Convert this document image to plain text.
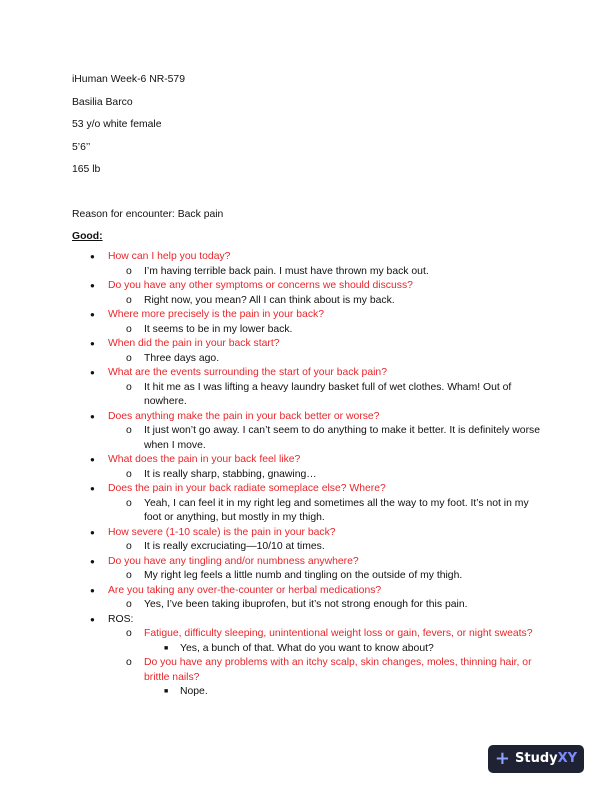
iHuman Week-6 NR-579
Basilia Barco
53 y/o white female
5’6’’
165 lb
Reason for encounter: Back pain
Good:
● How can I help you today?
o I’m having terrible back pain. I must have thrown my back out.
● Do you have any other symptoms or concerns we should discuss?
o Right now, you mean? All I can think about is my back.
● Where more precisely is the pain in your back?
o It seems to be in my lower back.
● When did the pain in your back start?
o Three days ago.
● What are the events surrounding the start of your back pain?
o It hit me as I was lifting a heavy laundry basket full of wet clothes. Wham! Out of nowhere.
● Does anything make the pain in your back better or worse?
o It just won’t go away. I can’t seem to do anything to make it better. It is definitely worse when I move.
● What does the pain in your back feel like?
o It is really sharp, stabbing, gnawing…
● Does the pain in your back radiate someplace else? Where?
o Yeah, I can feel it in my right leg and sometimes all the way to my foot. It’s not in my foot or anything, but mostly in my thigh.
● How severe (1-10 scale) is the pain in your back?
o It is really excruciating—10/10 at times.
● Do you have any tingling and/or numbness anywhere?
o My right leg feels a little numb and tingling on the outside of my thigh.
● Are you taking any over-the-counter or herbal medications?
o Yes, I’ve been taking ibuprofen, but it’s not strong enough for this pain.
● ROS:
o Fatigue, difficulty sleeping, unintentional weight loss or gain, fevers, or night sweats?
■ Yes, a bunch of that. What do you want to know about?
o Do you have any problems with an itchy scalp, skin changes, moles, thinning hair, or brittle nails?
■ Nope.
+ Study XY
